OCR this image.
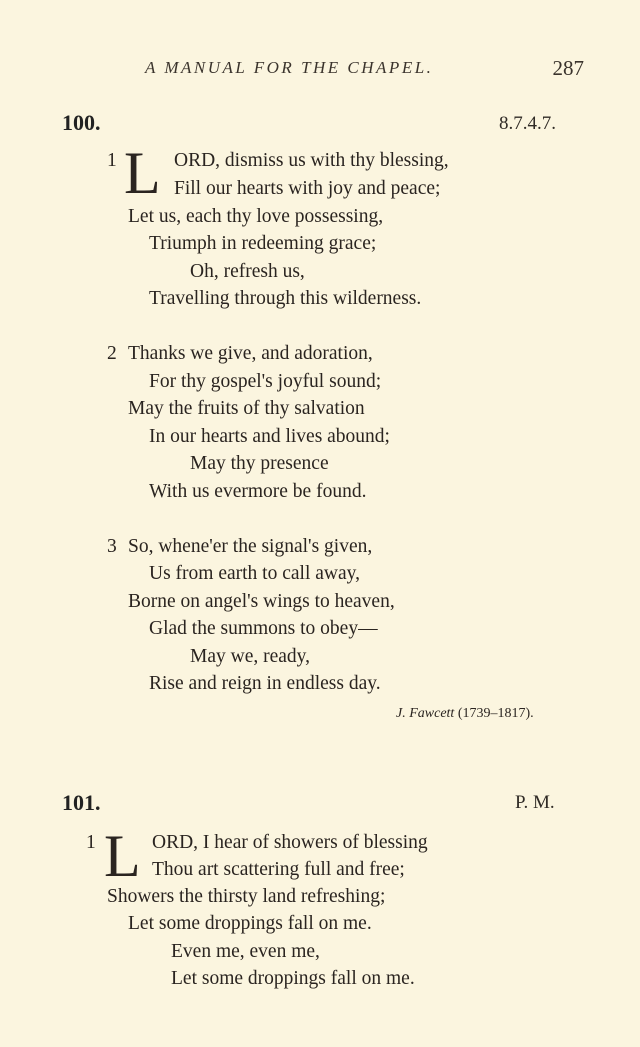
A MANUAL FOR THE CHAPEL.	287
100.	8.7.4.7.
1 L ORD, dismiss us with thy blessing,
Fill our hearts with joy and peace;
Let us, each thy love possessing,
Triumph in redeeming grace;
Oh, refresh us,
Travelling through this wilderness.
2 Thanks we give, and adoration,
For thy gospel's joyful sound;
May the fruits of thy salvation
In our hearts and lives abound;
May thy presence
With us evermore be found.
3 So, whene'er the signal's given,
Us from earth to call away,
Borne on angel's wings to heaven,
Glad the summons to obey—
May we, ready,
Rise and reign in endless day.
J. Fawcett (1739–1817).
101.	P. M.
1 L ORD, I hear of showers of blessing
Thou art scattering full and free;
Showers the thirsty land refreshing;
Let some droppings fall on me.
Even me, even me,
Let some droppings fall on me.
